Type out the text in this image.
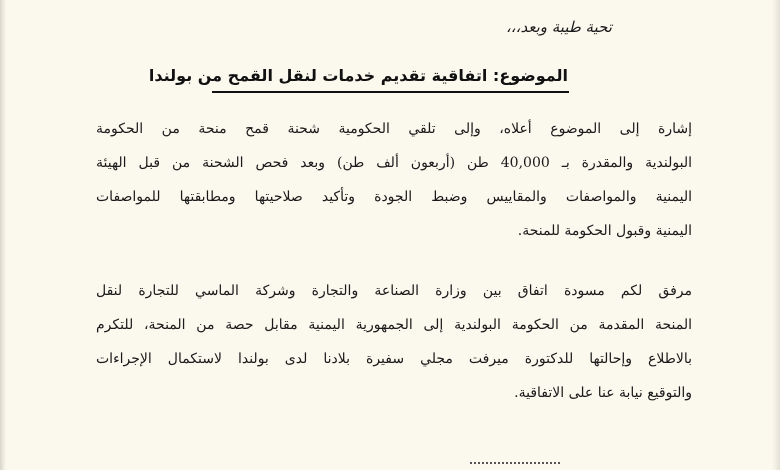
تحية طيبة وبعد،،،
الموضوع: اتفاقية تقديم خدمات لنقل القمح من بولندا
إشارة إلى الموضوع أعلاه، وإلى تلقي الحكومية شحنة قمح منحة من الحكومة
البولندية والمقدرة بـ 40,000 طن (أربعون ألف طن) وبعد فحص الشحنة من قبل الهيئة
اليمنية والمواصفات والمقاييس وضبط الجودة وتأكيد صلاحيتها ومطابقتها للمواصفات
اليمنية وقبول الحكومة للمنحة.
مرفق لكم مسودة اتفاق بين وزارة الصناعة والتجارة وشركة الماسي للتجارة لنقل
المنحة المقدمة من الحكومة البولندية إلى الجمهورية اليمنية مقابل حصة من المنحة، للتكرم
بالاطلاع وإحالتها للدكتورة ميرفت مجلي سفيرة بلادنا لدى بولندا لاستكمال الإجراءات
والتوقيع نيابة عنا على الاتفاقية.
